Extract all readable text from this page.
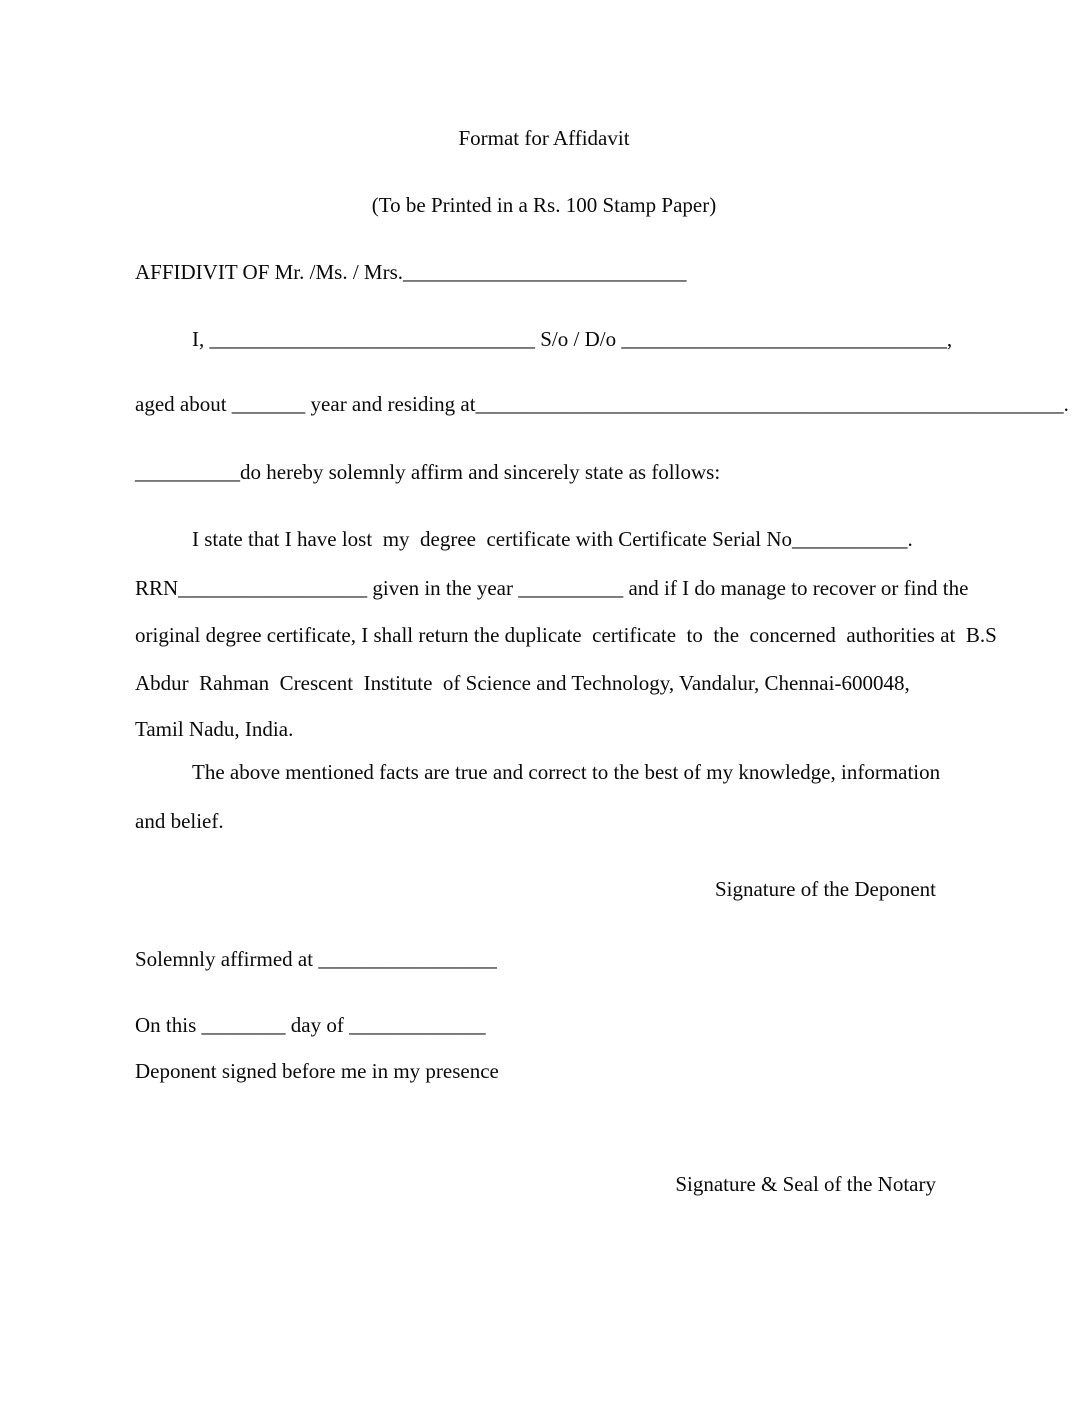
Format for Affidavit
(To be Printed in a Rs. 100 Stamp Paper)
AFFIDIVIT OF Mr. /Ms. / Mrs.___________________________
I, _______________________________ S/o / D/o _______________________________,
aged about _______ year and residing at________________________________________________________.
__________do hereby solemnly affirm and sincerely state as follows:
I state that I have lost  my  degree  certificate with Certificate Serial No___________.
RRN__________________ given in the year __________ and if I do manage to recover or find the
original degree certificate, I shall return the duplicate  certificate  to  the  concerned  authorities at  B.S
Abdur  Rahman  Crescent  Institute  of Science and Technology, Vandalur, Chennai-600048,
Tamil Nadu, India.
The above mentioned facts are true and correct to the best of my knowledge, information
and belief.
Signature of the Deponent
Solemnly affirmed at _________________
On this ________ day of _____________
Deponent signed before me in my presence
Signature & Seal of the Notary
